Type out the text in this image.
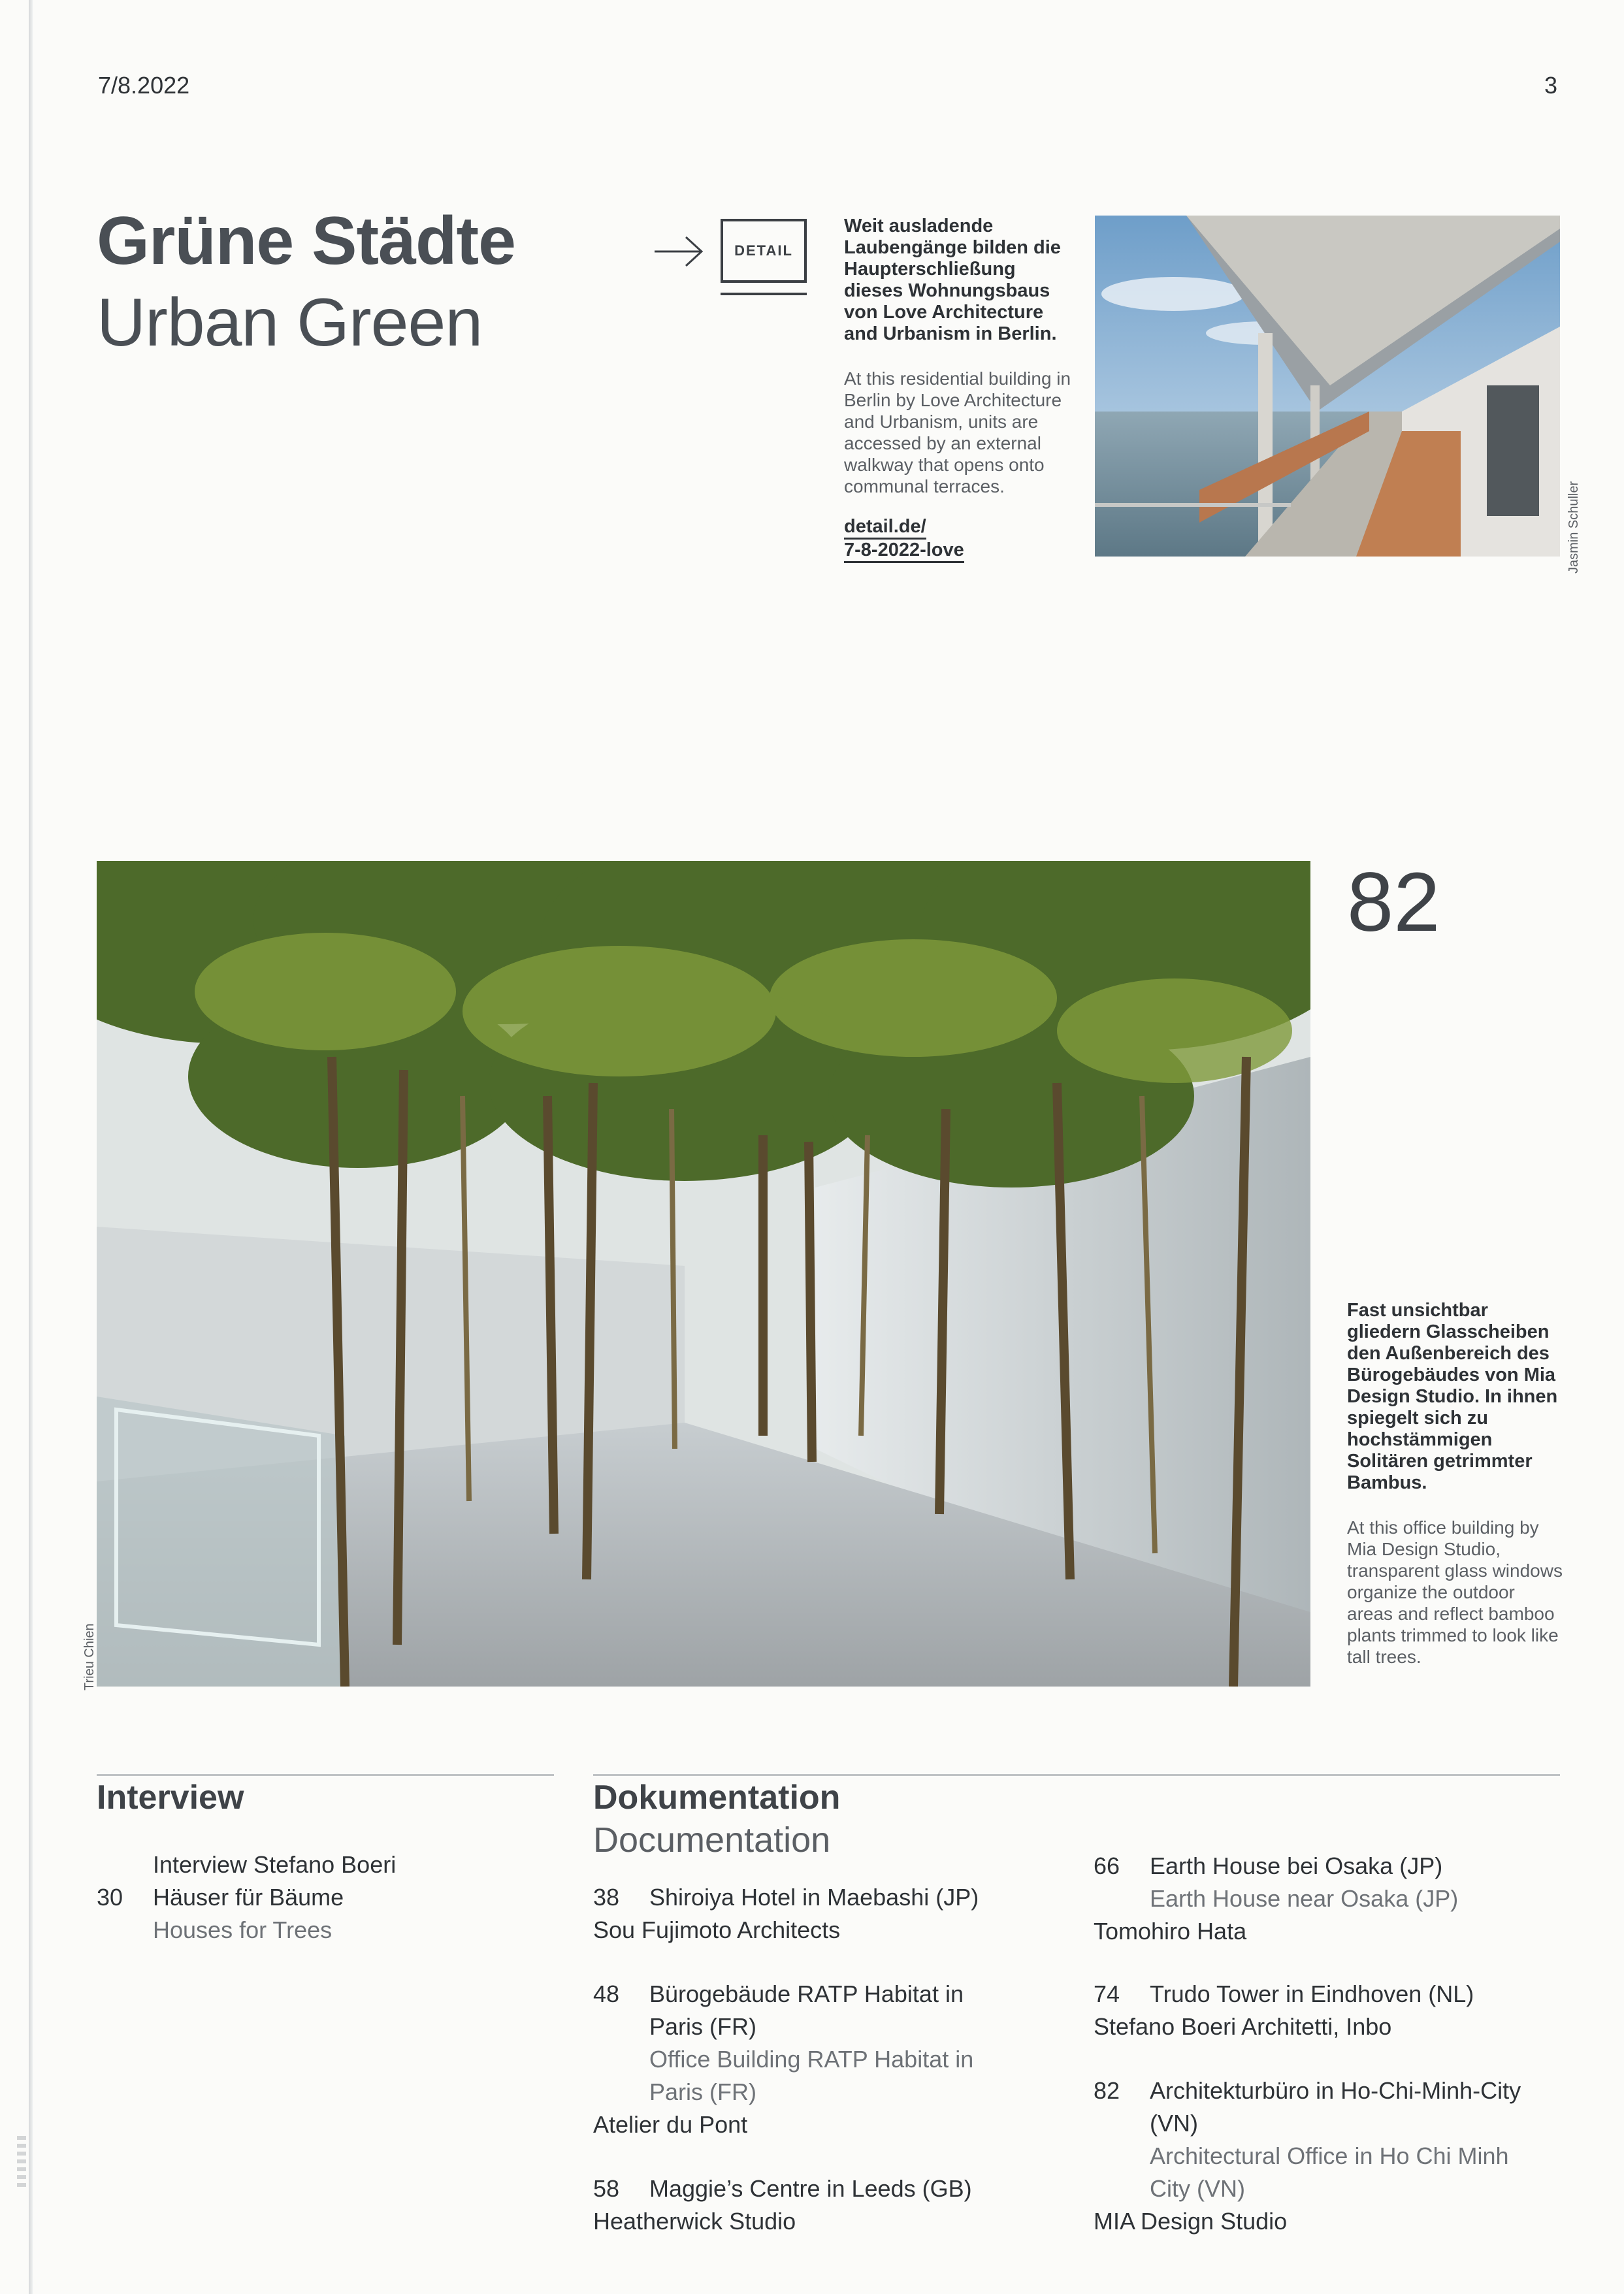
7/8.2022	3
Grüne Städte
Urban Green
DETAIL
Weit ausladende Laubengänge bilden die Haupterschließung dieses Wohnungsbaus von Love Architecture and Urbanism in Berlin.
At this residential building in Berlin by Love Architecture and Urbanism, units are accessed by an external walkway that opens onto communal terraces.
detail.de/
7-8-2022-love	Jasmin Schuller
Trieu Chien
82
Fast unsichtbar gliedern Glasscheiben den Außenbereich des Bürogebäudes von Mia Design Studio. In ihnen spiegelt sich zu hochstämmigen Solitären getrimmter Bambus.
At this office building by Mia Design Studio, transparent glass windows organize the outdoor areas and reflect bamboo plants trimmed to look like tall trees.
Interview	Dokumentation
Documentation
Interview Stefano Boeri
30	Häuser für Bäume
Houses for Trees
38	Shiroiya Hotel in Maebashi (JP)
Sou Fujimoto Architects
48	Bürogebäude RATP Habitat in
Paris (FR)
Office Building RATP Habitat in
Paris (FR)
Atelier du Pont
58	Maggie’s Centre in Leeds (GB)
Heatherwick Studio
66	Earth House bei Osaka (JP)
Earth House near Osaka (JP)
Tomohiro Hata
74	Trudo Tower in Eindhoven (NL)
Stefano Boeri Architetti, Inbo
82	Architekturbüro in Ho-Chi-Minh-City
(VN)
Architectural Office in Ho Chi Minh
City (VN)
MIA Design Studio
